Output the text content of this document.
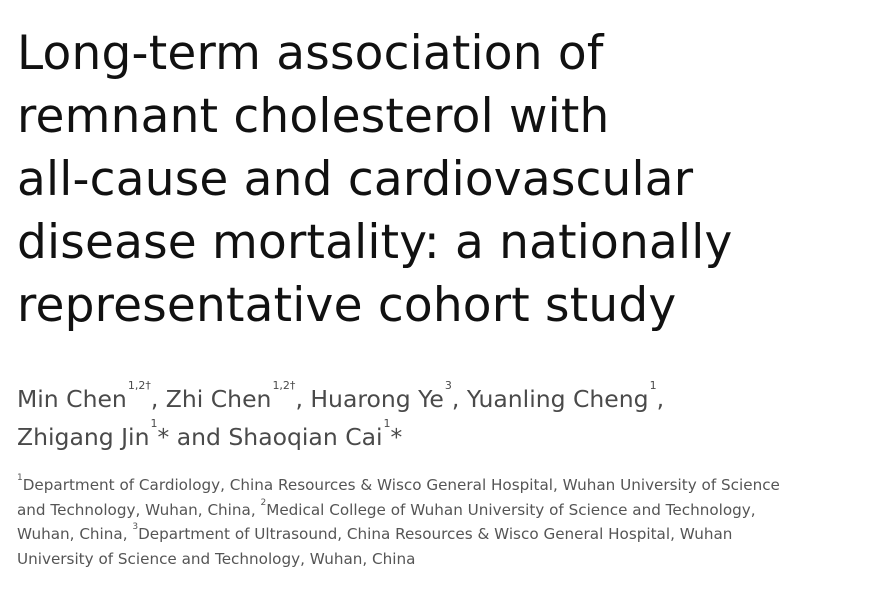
Long-term association of
remnant cholesterol with
all-cause and cardiovascular
disease mortality: a nationally
representative cohort study
Min Chen$^{1,2\dagger}$, Zhi Chen$^{1,2\dagger}$, Huarong Ye$^3$, Yuanling Cheng$^1$,
Zhigang Jin$^1$* and Shaoqian Cai$^1$*
$^1$Department of Cardiology, China Resources & Wisco General Hospital, Wuhan University of Science
and Technology, Wuhan, China, $^2$Medical College of Wuhan University of Science and Technology,
Wuhan, China, $^3$Department of Ultrasound, China Resources & Wisco General Hospital, Wuhan
University of Science and Technology, Wuhan, China
